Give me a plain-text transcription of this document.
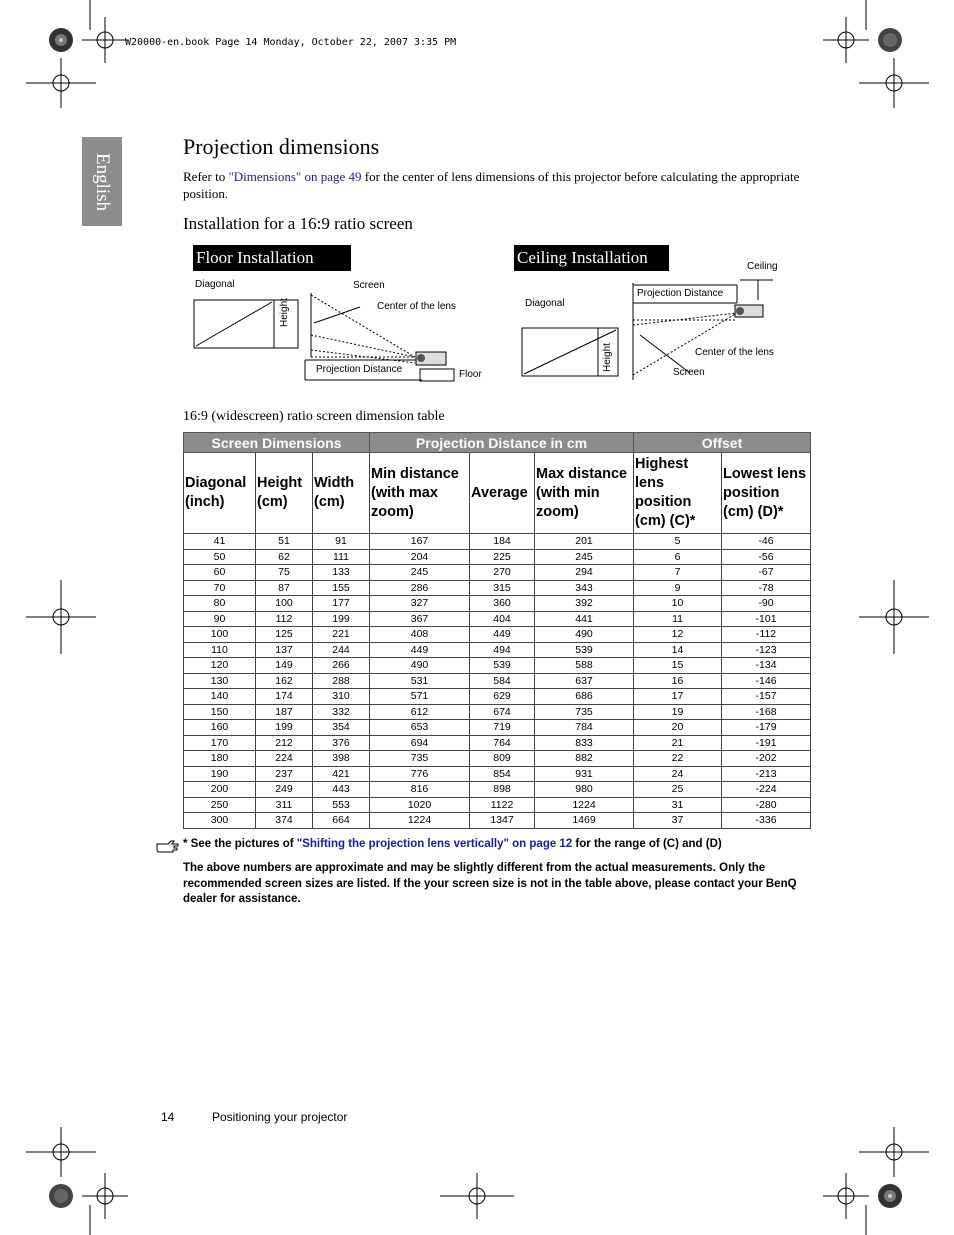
W20000-en.book Page 14 Monday, October 22, 2007 3:35 PM
English
Projection dimensions
Refer to "Dimensions" on page 49 for the center of lens dimensions of this projector before calculating the appropriate position.
Installation for a 16:9 ratio screen
Floor Installation
Diagonal	Screen
Center of the lens
Height
Projection Distance	Floor
Ceiling Installation	Ceiling
Diagonal
Projection Distance
Height	Center of the lens
Screen
16:9 (widescreen) ratio screen dimension table
Screen Dimensions			Projection Distance in cm			Offset	
Diagonal (inch)	Height (cm)	Width (cm)	Min distance (with max zoom)	Average	Max distance (with min zoom)	Highest lens position (cm) (C)*	Lowest lens position (cm) (D)*
41	51	91	167	184	201	5	-46
50	62	111	204	225	245	6	-56
60	75	133	245	270	294	7	-67
70	87	155	286	315	343	9	-78
80	100	177	327	360	392	10	-90
90	112	199	367	404	441	11	-101
100	125	221	408	449	490	12	-112
110	137	244	449	494	539	14	-123
120	149	266	490	539	588	15	-134
130	162	288	531	584	637	16	-146
140	174	310	571	629	686	17	-157
150	187	332	612	674	735	19	-168
160	199	354	653	719	784	20	-179
170	212	376	694	764	833	21	-191
180	224	398	735	809	882	22	-202
190	237	421	776	854	931	24	-213
200	249	443	816	898	980	25	-224
250	311	553	1020	1122	1224	31	-280
300	374	664	1224	1347	1469	37	-336
* See the pictures of "Shifting the projection lens vertically" on page 12 for the range of (C) and (D)
The above numbers are approximate and may be slightly different from the actual measurements. Only the recommended screen sizes are listed. If the your screen size is not in the table above, please contact your BenQ dealer for assistance.
14	Positioning your projector
